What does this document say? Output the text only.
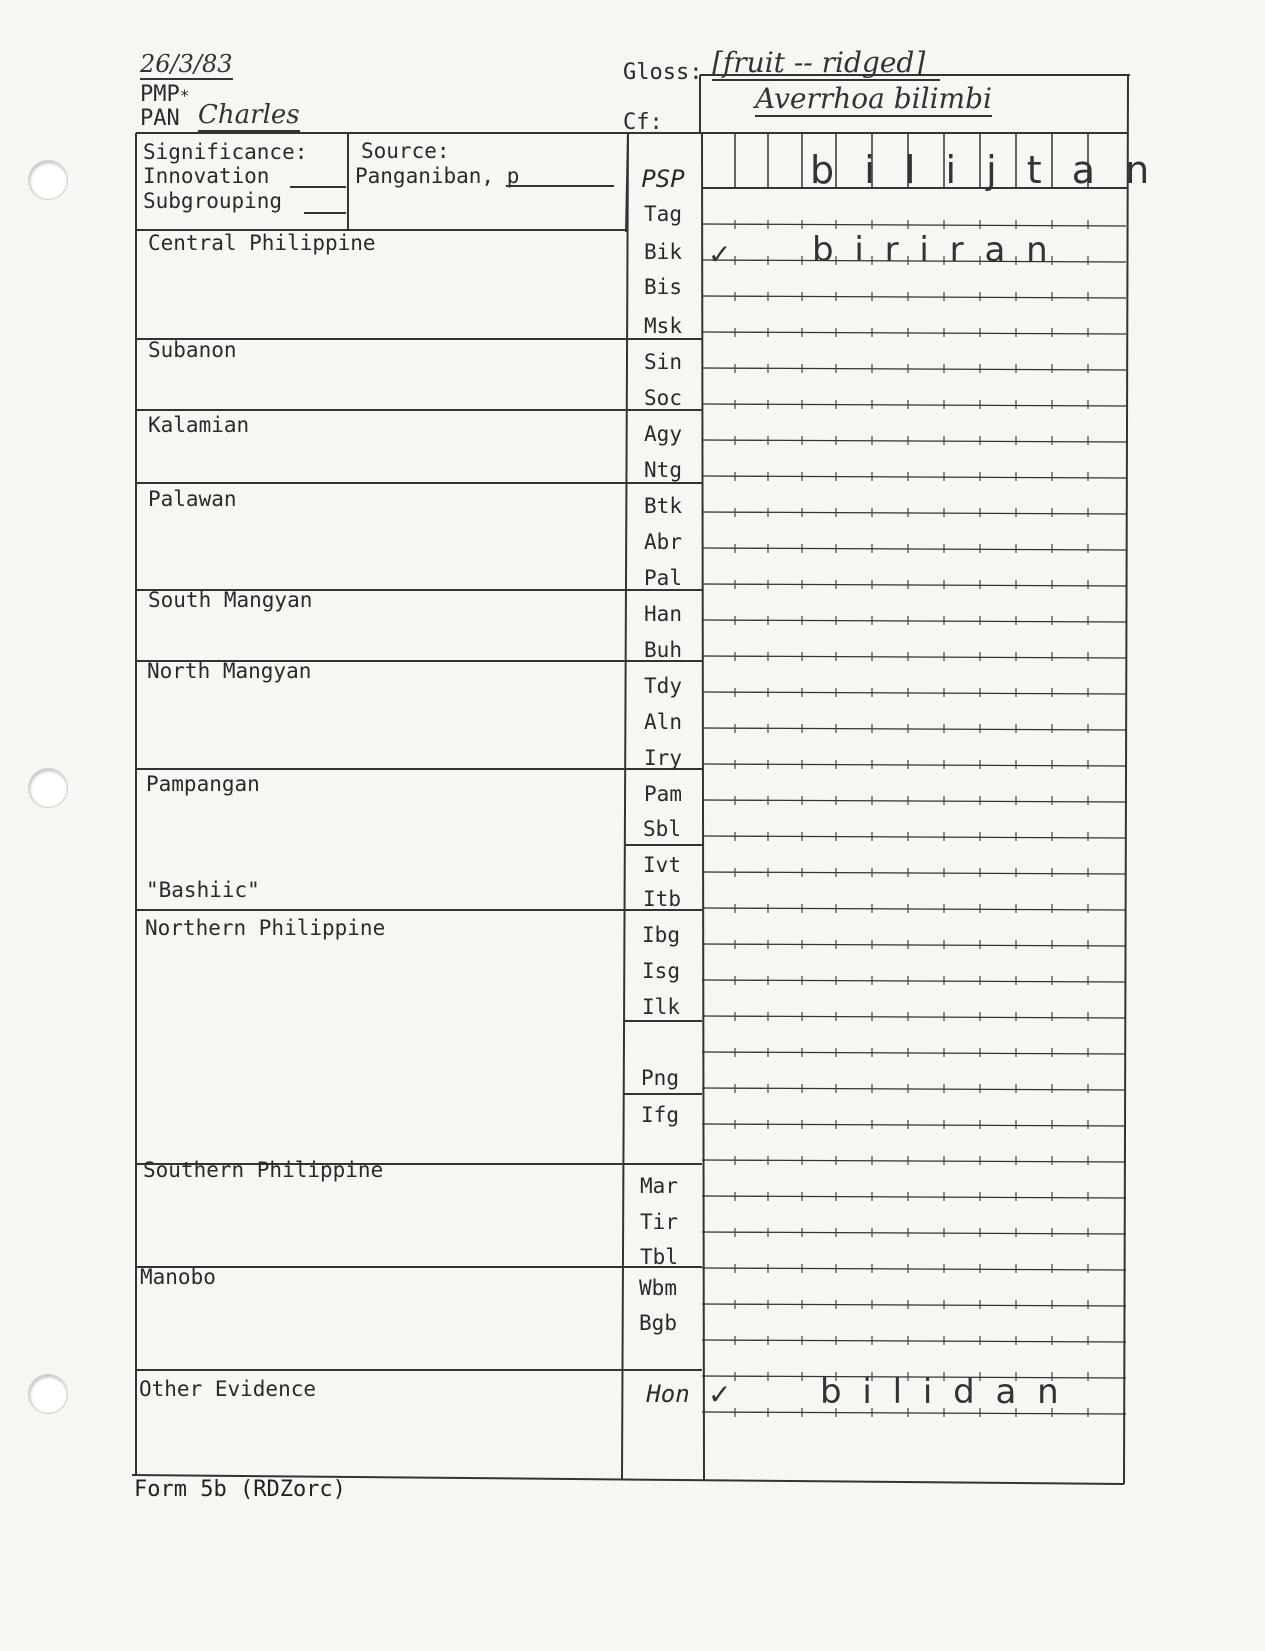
26/3/83
PMP*
PAN Charles
Gloss: [fruit -- ridged]
Cf:
Averrhoa bilimbi
Significance:
Innovation
Subgrouping
Source:
Panganiban, p
Central Philippine
Subanon
Kalamian
Palawan
South Mangyan
North Mangyan
Pampangan
"Bashiic"
Northern Philippine
Southern Philippine
Manobo
Other Evidence
PSP
Tag
Bik
Bis
Msk
Sin
Soc
Agy
Ntg
Btk
Abr
Pal
Han
Buh
Tdy
Aln
Iry
Pam
Sbl
Ivt
Itb
Ibg
Isg
Ilk
Png
Ifg
Mar
Tir
Tbl
Wbm
Bgb
Hon
b i l i j t a n
✓ b i r i r a n
✓	b i l i d a n
Form 5b (RDZorc)
